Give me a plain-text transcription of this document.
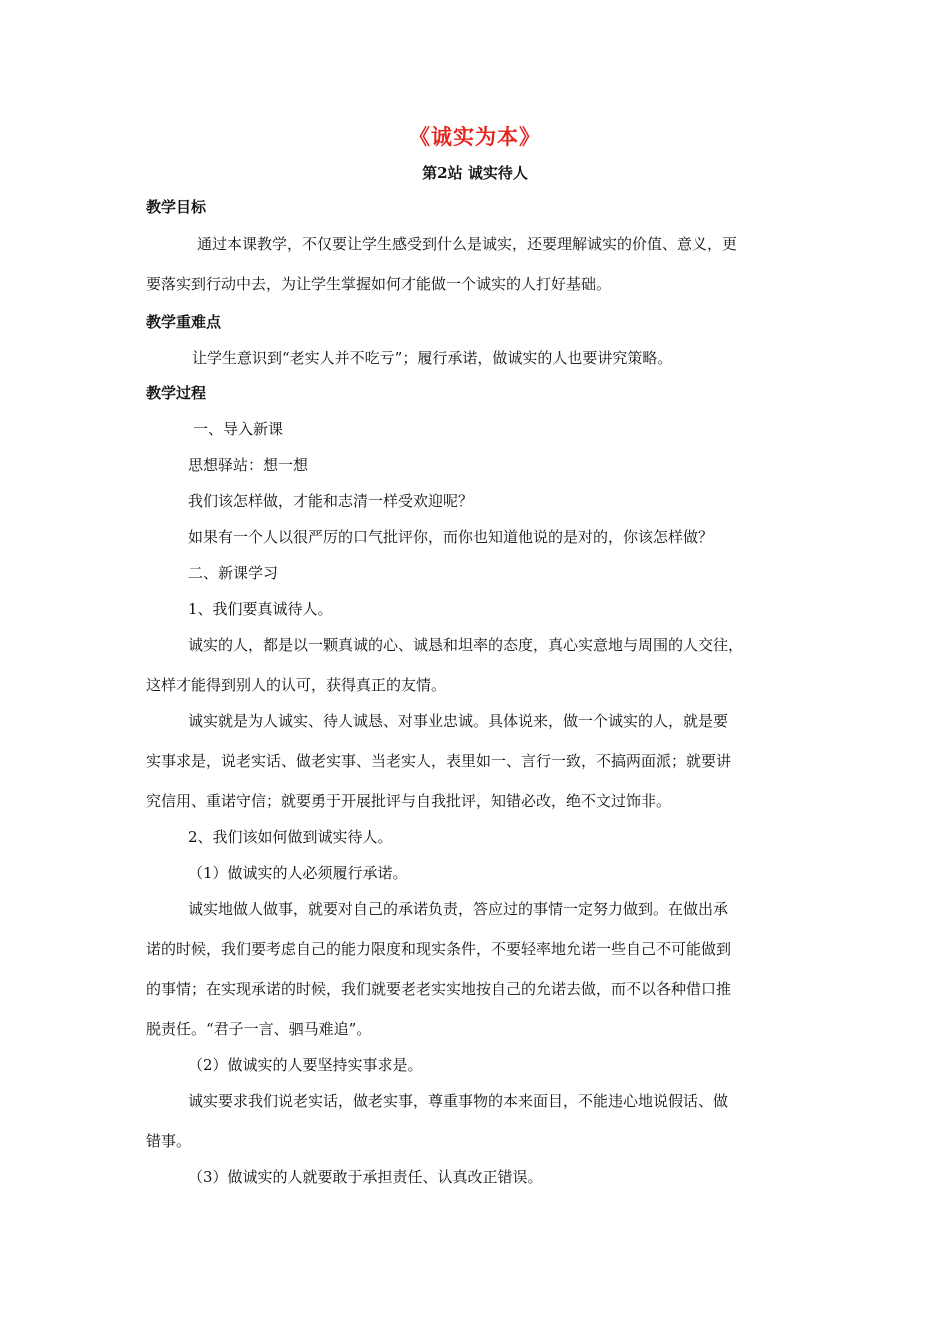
《诚实为本》
第2站 诚实待人
教学目标
通过本课教学，不仅要让学生感受到什么是诚实，还要理解诚实的价值、意义，更
要落实到行动中去，为让学生掌握如何才能做一个诚实的人打好基础。
教学重难点
让学生意识到“老实人并不吃亏”；履行承诺，做诚实的人也要讲究策略。
教学过程
一、导入新课
思想驿站：想一想
我们该怎样做，才能和志清一样受欢迎呢？
如果有一个人以很严厉的口气批评你，而你也知道他说的是对的，你该怎样做？
二、新课学习
1、我们要真诚待人。
诚实的人，都是以一颗真诚的心、诚恳和坦率的态度，真心实意地与周围的人交往，
这样才能得到别人的认可，获得真正的友情。
诚实就是为人诚实、待人诚恳、对事业忠诚。具体说来，做一个诚实的人，就是要
实事求是，说老实话、做老实事、当老实人，表里如一、言行一致，不搞两面派；就要讲
究信用、重诺守信；就要勇于开展批评与自我批评，知错必改，绝不文过饰非。
2、我们该如何做到诚实待人。
（1）做诚实的人必须履行承诺。
诚实地做人做事，就要对自己的承诺负责，答应过的事情一定努力做到。在做出承
诺的时候，我们要考虑自己的能力限度和现实条件，不要轻率地允诺一些自己不可能做到
的事情；在实现承诺的时候，我们就要老老实实地按自己的允诺去做，而不以各种借口推
脱责任。“君子一言、驷马难追”。
（2）做诚实的人要坚持实事求是。
诚实要求我们说老实话，做老实事，尊重事物的本来面目，不能违心地说假话、做
错事。
（3）做诚实的人就要敢于承担责任、认真改正错误。
